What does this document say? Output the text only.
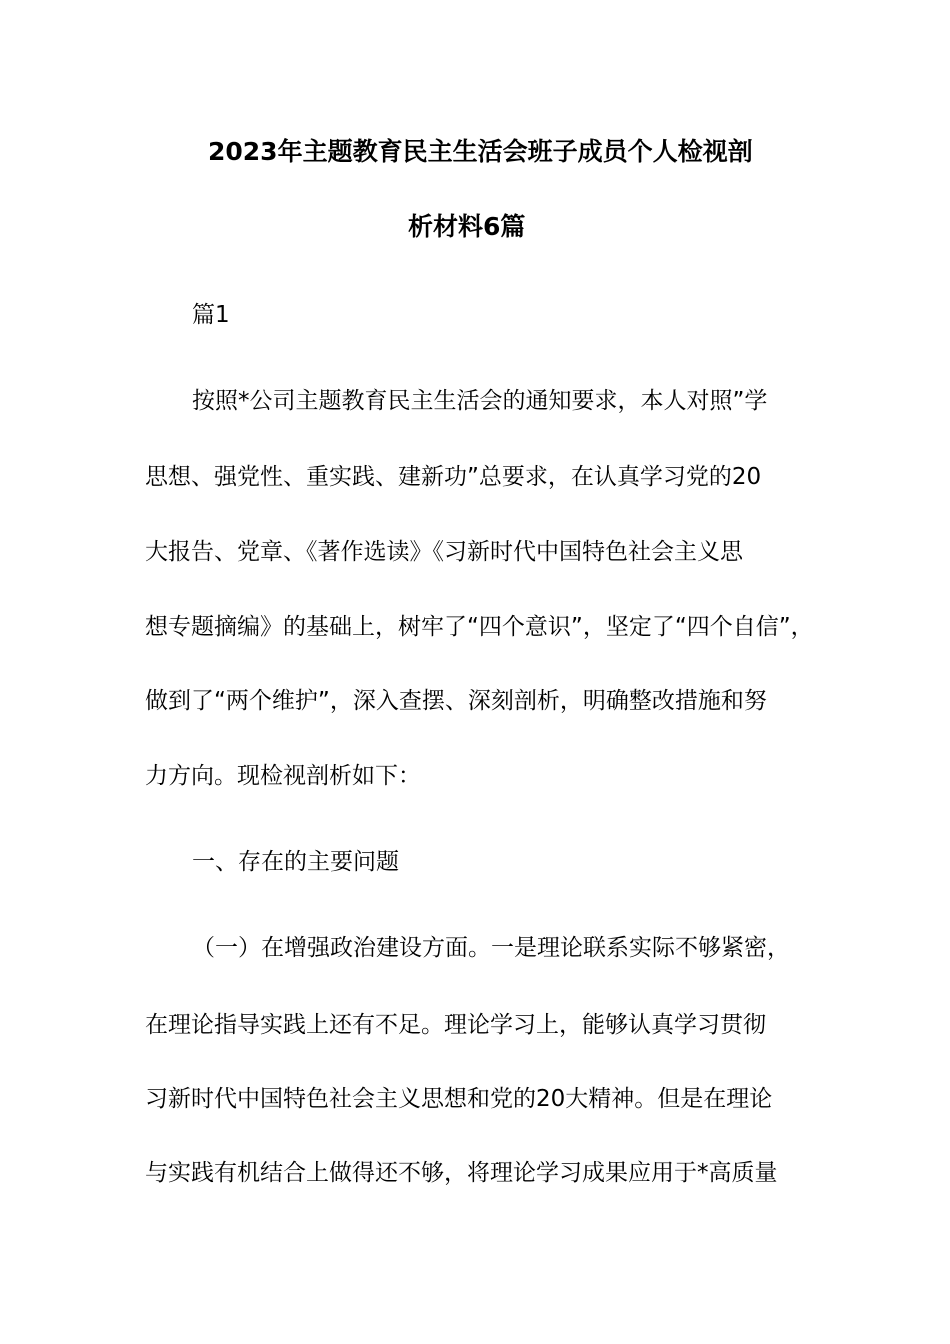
2023年主题教育民主生活会班子成员个人检视剖
析材料6篇
篇1
按照*公司主题教育民主生活会的通知要求，本人对照”学
思想、强党性、重实践、建新功”总要求，在认真学习党的20
大报告、党章、《著作选读》《习新时代中国特色社会主义思
想专题摘编》的基础上，树牢了“四个意识”，坚定了“四个自信”，
做到了“两个维护”，深入查摆、深刻剖析，明确整改措施和努
力方向。现检视剖析如下：
一、存在的主要问题
（一）在增强政治建设方面。一是理论联系实际不够紧密，
在理论指导实践上还有不足。理论学习上，能够认真学习贯彻
习新时代中国特色社会主义思想和党的20大精神。但是在理论
与实践有机结合上做得还不够，将理论学习成果应用于*高质量
